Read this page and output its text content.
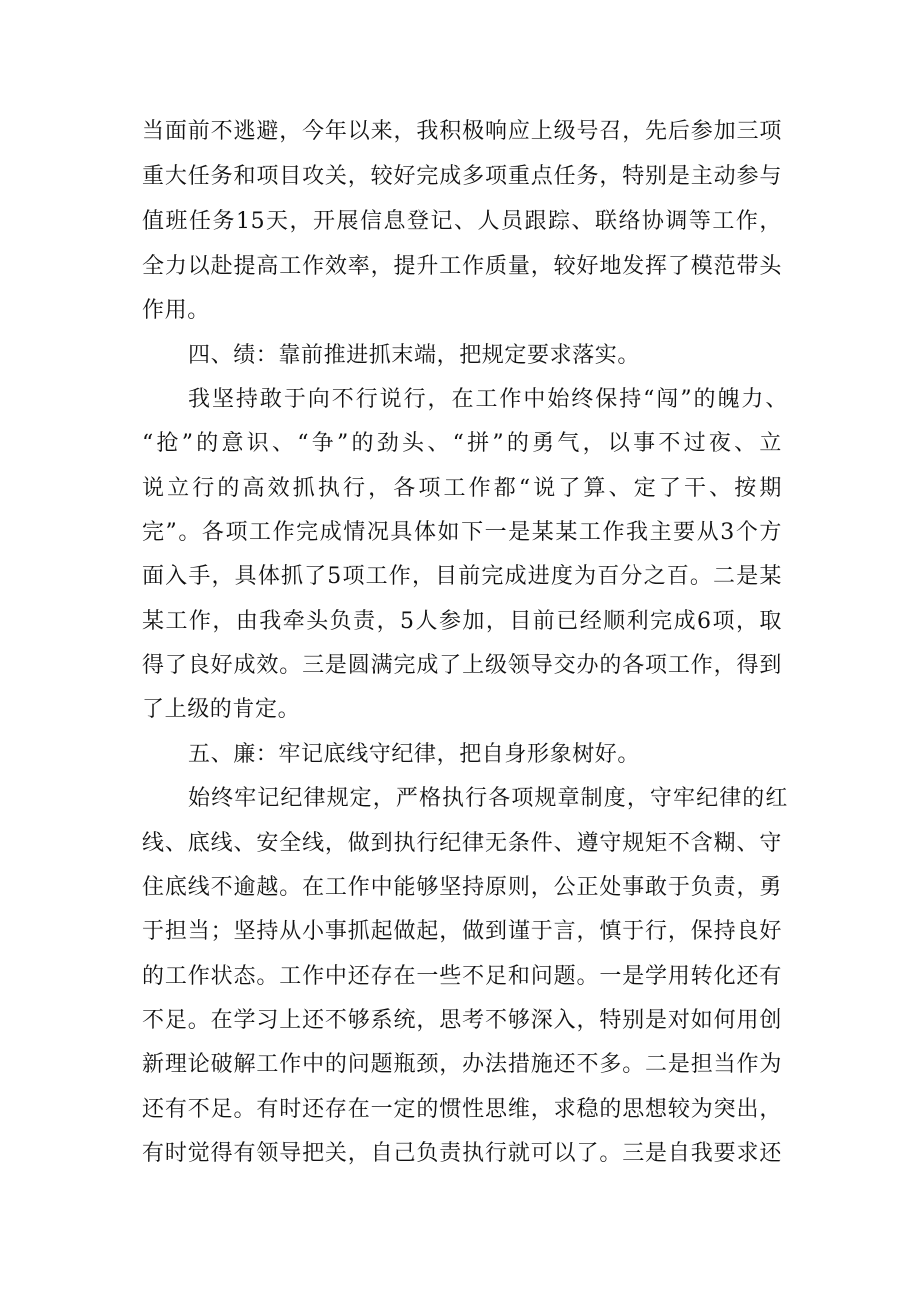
当面前不逃避，今年以来，我积极响应上级号召，先后参加三项
重大任务和项目攻关，较好完成多项重点任务，特别是主动参与
值班任务15天，开展信息登记、人员跟踪、联络协调等工作，
全力以赴提高工作效率，提升工作质量，较好地发挥了模范带头
作用。
四、绩：靠前推进抓末端，把规定要求落实。
我坚持敢于向不行说行，在工作中始终保持“闯”的魄力、
“抢”的意识、“争”的劲头、“拼”的勇气，以事不过夜、立
说立行的高效抓执行，各项工作都“说了算、定了干、按期
完”。各项工作完成情况具体如下一是某某工作我主要从3个方
面入手，具体抓了5项工作，目前完成进度为百分之百。二是某
某工作，由我牵头负责，5人参加，目前已经顺利完成6项，取
得了良好成效。三是圆满完成了上级领导交办的各项工作，得到
了上级的肯定。
五、廉：牢记底线守纪律，把自身形象树好。
始终牢记纪律规定，严格执行各项规章制度，守牢纪律的红
线、底线、安全线，做到执行纪律无条件、遵守规矩不含糊、守
住底线不逾越。在工作中能够坚持原则，公正处事敢于负责，勇
于担当；坚持从小事抓起做起，做到谨于言，慎于行，保持良好
的工作状态。工作中还存在一些不足和问题。一是学用转化还有
不足。在学习上还不够系统，思考不够深入，特别是对如何用创
新理论破解工作中的问题瓶颈，办法措施还不多。二是担当作为
还有不足。有时还存在一定的惯性思维，求稳的思想较为突出，
有时觉得有领导把关，自己负责执行就可以了。三是自我要求还
